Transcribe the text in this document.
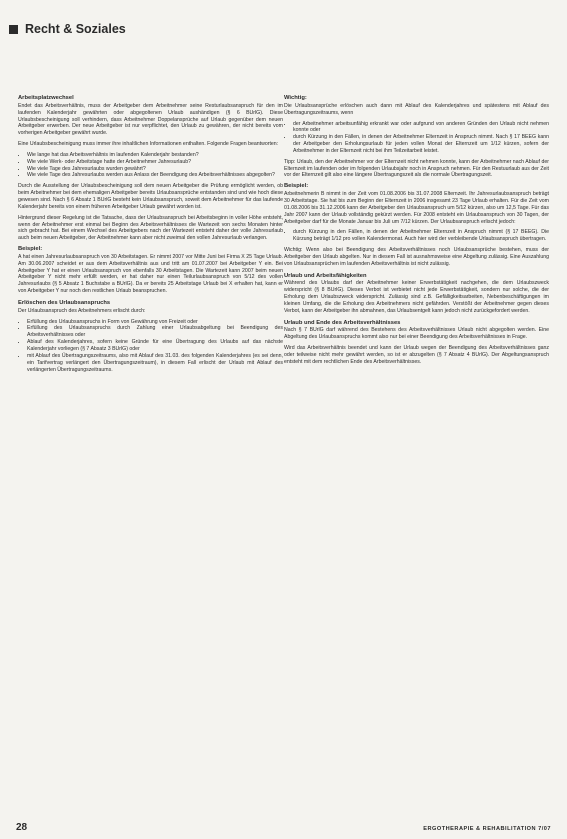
Recht & Soziales
Arbeitsplatzwechsel

Endet das Arbeitsverhältnis, muss der Arbeitgeber dem Arbeitnehmer seine Resturlaubsanspruch für den im laufenden Kalenderjahr gewährten oder abgegoltenen Urlaub aushändigen (§ 6 BUrlG). Diese Urlaubsbescheinigung soll verhindern, dass Arbeitnehmer Doppelansprüche auf Urlaub gegenüber dem neuen Arbeitgeber erwerben. Der neue Arbeitgeber ist nur verpflichtet, den Urlaub zu gewähren, der nicht bereits vom vorherigen Arbeitgeber gewährt wurde.

Eine Urlaubsbescheinigung muss immer ihre inhaltlichen Informationen enthalten. Folgende Fragen beantworten:

• Wie lange hat das Arbeitsverhältnis im laufenden Kalenderjahr bestanden?
• Wie viele Werk- oder Arbeitstage hatte der Arbeitnehmer Jahresurlaub?
• Wie viele Tage des Jahresurlaubs wurden gewährt?
• Wie viele Tage des Jahresurlaubs werden aus Anlass der Beendigung des Arbeitsverhältnisses abgegolten?

Durch die Ausstellung der Urlaubsbescheinigung soll dem neuen Arbeitgeber die Prüfung ermöglicht werden, ob beim Arbeitnehmer bei dem ehemaligen Arbeitgeber bereits Urlaubsansprüche entstanden sind und wie hoch diese gewesen sind. Nach § 6 Absatz 1 BUrlG besteht kein Urlaubsanspruch, soweit dem Arbeitnehmer für das laufende Kalenderjahr bereits von einem früheren Arbeitgeber Urlaub gewährt worden ist.

Hintergrund dieser Regelung ist die Tatsache, dass der Urlaubsanspruch bei Arbeitsbeginn in voller Höhe entsteht, wenn der Arbeitnehmer erst einmal bei Beginn des Arbeitsverhältnisses die Wartezeit von sechs Monaten hinter sich gebracht hat. Bei einem Wechsel des Arbeitgebers nach der Wartezeit entsteht daher der volle Jahresurlaub auch beim neuen Arbeitgeber, der Arbeitnehmer kann aber nicht zweimal den vollen Jahresurlaub verlangen.

Beispiel:

A hat einen Jahresurlaubsanspruch von 30 Arbeitstagen. Er nimmt 2007 vor Mitte Juni bei Firma X 25 Tage Urlaub. Am 30.06.2007 scheidet er aus dem Arbeitsverhältnis aus und tritt am 01.07.2007 bei Arbeitgeber Y ein. Bei Arbeitgeber Y hat er einen Urlaubsanspruch von ebenfalls 30 Arbeitstagen. Die Wartezeit kann 2007 beim neuen Arbeitgeber Y nicht mehr erfüllt werden, er hat daher nur einen Teilurlaubsanspruch von 5/12 des vollen Jahresurlaubs (§ 5 Absatz 1 Buchstabe a BUrlG). Da er bereits 25 Arbeitstage Urlaub bei X erhalten hat, kann er von Arbeitgeber Y nur noch den restlichen Urlaub beanspruchen.

Erlöschen des Urlaubsanspruchs

Der Urlaubsanspruch des Arbeitnehmers erlischt durch:

• Erfüllung des Urlaubsanspruchs in Form von Gewährung von Freizeit oder
• Erfüllung des Urlaubsanspruchs durch Zahlung einer Urlaubsabgeltung bei Beendigung des Arbeitsverhältnisses oder
• Ablauf des Kalenderjahres, sofern keine Gründe für eine Übertragung des Urlaubs auf das nächste Kalenderjahr vorliegen (§ 7 Absatz 3 BUrlG) oder
• mit Ablauf des Übertragungszeitraums, also mit Ablauf des 31.03. des folgenden Kalenderjahres (es sei denn, ein Tarifvertrag verlängert den Übertragungszeitraum), in diesem Fall erlischt der Urlaub mit Ablauf des verlängerten Übertragungszeitraums.
Wichtig:

Die Urlaubsansprüche erlöschen auch dann mit Ablauf des Kalenderjahres und spätestens mit Ablauf des Übertragungszeitraums, wenn

• der Arbeitnehmer arbeitsunfähig erkrankt war oder aufgrund von anderen Gründen den Urlaub nicht nehmen konnte oder
• durch Kürzung in den Fällen, in denen der Arbeitnehmer Elternzeit in Anspruch nimmt. Nach § 17 BEEG kann der Arbeitgeber den Erholungsurlaub für jeden vollen Monat der Elternzeit um 1/12 kürzen, sofern der Arbeitnehmer in der Elternzeit nicht bei ihm Teilzeitarbeit leistet.

Tipp: Urlaub, den der Arbeitnehmer vor der Elternzeit nicht nehmen konnte, kann der Arbeitnehmer nach Ablauf der Elternzeit im laufenden oder im folgenden Urlaubsjahr noch in Anspruch nehmen. Für den Restuurlaub aus der Zeit vor der Elternzeit gilt also eine längere Übertragungszeit als die normale Übertragungszeit.

Beispiel:

Arbeitnehmerin B nimmt in der Zeit vom 01.08.2006 bis 31.07.2008 Elternzeit. Ihr Jahresurlaubsanspruch beträgt 30 Arbeitstage. Sie hat bis zum Beginn der Elternzeit in 2006 insgesamt 23 Tage Urlaub erhalten. Für die Zeit vom 01.08.2006 bis 31.12.2006 kann der Arbeitgeber den Urlaubsanspruch um 5/12 kürzen, also um 12,5 Tage. Für das Jahr 2007 kann der Urlaub vollständig gekürzt werden. Für 2008 entsteht ein Urlaubsanspruch von 30 Tagen, der Arbeitgeber darf für die Monate Januar bis Juli um 7/12 kürzen. Der Urlaubsanspruch erlischt jedoch:

• durch Kürzung in den Fällen, in denen der Arbeitnehmer Elternzeit in Anspruch nimmt (§ 17 BEEG). Die Kürzung beträgt 1/12 pro vollen Kalendermonat. Auch hier wird der verbleibende Urlaubsanspruch übertragen.

Wichtig: Wenn also bei Beendigung des Arbeitsverhältnisses noch Urlaubsansprüche bestehen, muss der Arbeitgeber den Urlaub abgelten. Nur in diesem Fall ist ausnahmsweise eine Abgeltung zulässig. Eine Auszahlung von Urlaubsansprüchen im laufenden Arbeitsverhältnis ist nicht zulässig.

Urlaub und Arbeitsfähigkeiten

Während des Urlaubs darf der Arbeitnehmer keiner Erwerbstätigkeit nachgehen, die dem Urlaubszweck widerspricht (§ 8 BUrlG). Dieses Verbot ist verbietet nicht jede Erwerbstätigkeit, sondern nur solche, die der Erholung dem Urlaubszweck widerspricht. Zulässig sind z.B. Gefälligkeitsarbeiten, Nebenbeschäftigungen im kleinen Umfang, die die Erholung des Arbeitnehmers nicht gefährden. Verstößt der Arbeitnehmer gegen dieses Verbot, kann der Arbeitgeber ihn abmahnen, das Urlaubsentgelt kann jedoch nicht zurückgefordert werden.

Urlaub und Ende des Arbeitsverhältnisses

Nach § 7 BUrlG darf während des Bestehens des Arbeitsverhältnisses Urlaub nicht abgegolten werden. Eine Abgeltung des Urlaubsanspruchs kommt also nur bei einer Beendigung des Arbeitsverhältnisses in Frage.

Wird das Arbeitsverhältnis beendet und kann der Urlaub wegen der Beendigung des Arbeitsverhältnisses ganz oder teilweise nicht mehr gewährt werden, so ist er abzugelten (§ 7 Absatz 4 BUrlG). Der Abgeltungsanspruch entsteht mit dem rechtlichen Ende des Arbeitsverhältnisses.

28	ERGOTHERAPIE & REHABILITATION 7/07
